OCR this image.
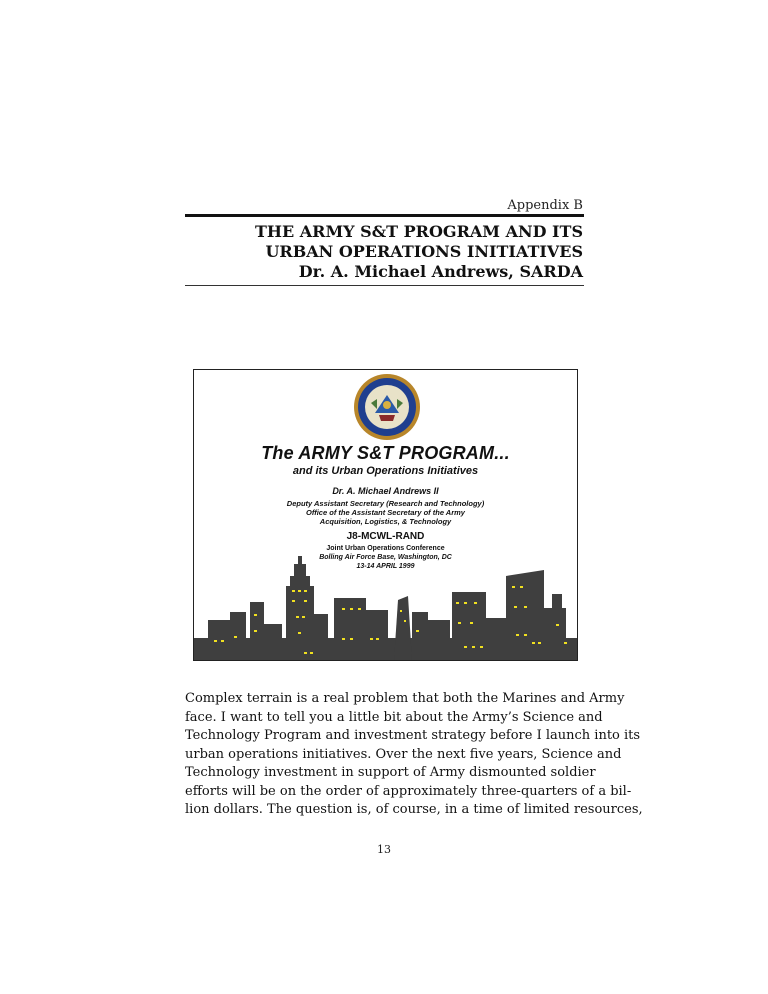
Appendix B
THE ARMY S&T PROGRAM AND ITS
URBAN OPERATIONS INITIATIVES
Dr. A. Michael Andrews, SARDA
The ARMY S&T PROGRAM...
and its Urban Operations Initiatives
Dr. A. Michael Andrews II
Deputy Assistant Secretary (Research and Technology)
Office of the Assistant Secretary of the Army
Acquisition, Logistics, & Technology
J8-MCWL-RAND
Joint Urban Operations Conference
Bolling Air Force Base, Washington, DC
13-14 APRIL 1999
Complex terrain is a real problem that both the Marines and Army
face. I want to tell you a little bit about the Army’s Science and
Technology Program and investment strategy before I launch into its
urban operations initiatives. Over the next five years, Science and
Technology investment in support of Army dismounted soldier
efforts will be on the order of approximately three-quarters of a bil-
lion dollars. The question is, of course, in a time of limited resources,
13
